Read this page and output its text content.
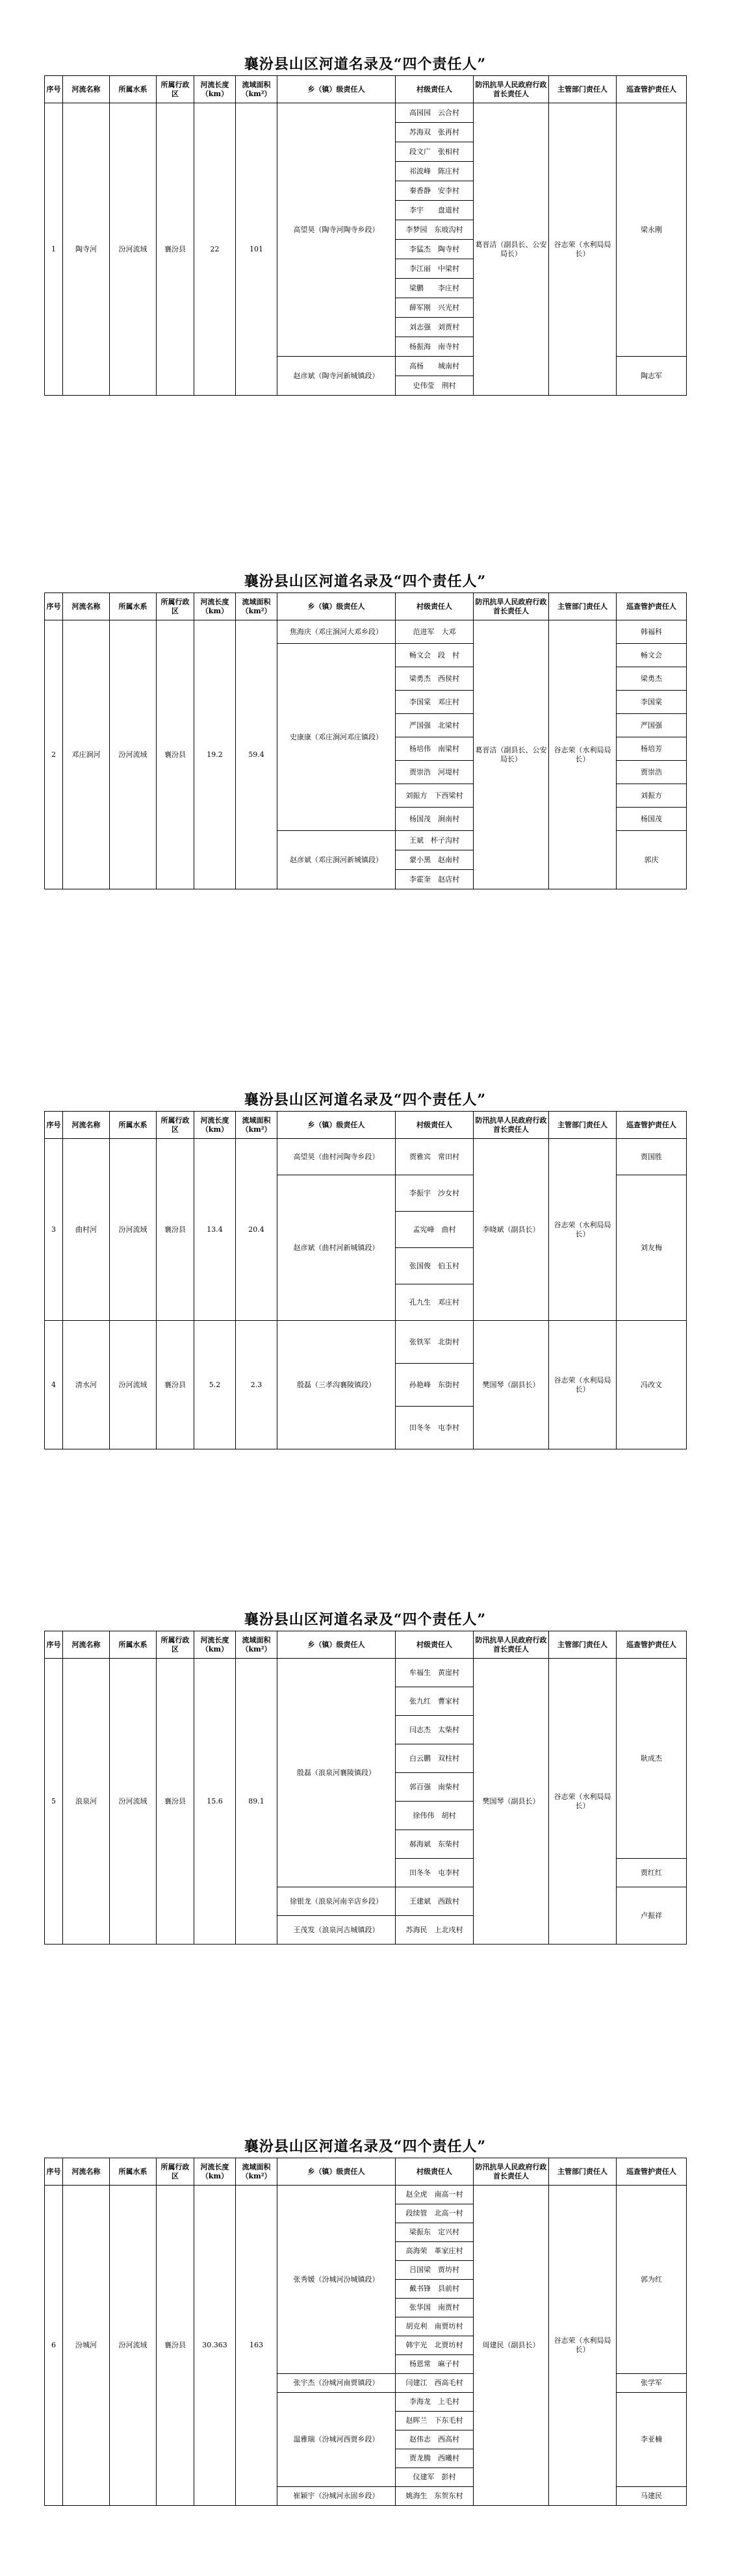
襄汾县山区河道名录及“四个责任人”
序号	河流名称	所属水系	所属行政区	河流长度（km）	流域面积（km²）	乡（镇）级责任人	村级责任人	防汛抗旱人民政府行政首长责任人	主管部门责任人	巡查管护责任人
1	陶寺河	汾河流域	襄汾县	22	101	高望昊（陶寺河陶寺乡段）	高园园　云合村	葛晋洁（副县长、公安局长）	谷志荣（水利局局长）	梁永刚
							苏海双　张再村			
							段文广　张相村			
							祁波峰　陈庄村			
							秦香静　安李村			
							李宇　　盘道村			
							李梦园　东坡沟村			
							李猛杰　陶寺村			
							李江丽　中梁村			
							梁鹏　　李庄村			
							薛军刚　兴光村			
							刘志强　刘贾村			
							杨振海　南寺村			
						赵彦斌（陶寺河新城镇段）	高杨　　城南村			陶志军
							史伟莹　荆村			
襄汾县山区河道名录及“四个责任人”
序号	河流名称	所属水系	所属行政区	河流长度（km）	流域面积（km²）	乡（镇）级责任人	村级责任人	防汛抗旱人民政府行政首长责任人	主管部门责任人	巡查管护责任人
2	邓庄涧河	汾河流域	襄汾县	19.2	59.4	焦海庆（邓庄涧河大邓乡段）	范进军　大邓	葛晋洁（副县长、公安局长）	谷志荣（水利局局长）	韩福科
						史康康（邓庄涧河邓庄镇段）	畅文会　段　村			畅文会
							梁勇杰　西侯村			梁勇杰
							李国棠　邓庄村			李国棠
							严国强　北梁村			严国强
							杨培伟　南梁村			杨培芳
							贾崇浩　河堤村			贾崇浩
							刘振方　下西梁村			刘振方
							杨国茂　涧南村			杨国茂
						赵彦斌（邓庄涧河新城镇段）	王斌　杯子沟村			郭庆
							蒙小黑　赵南村			
							李霍奎　赵店村			
襄汾县山区河道名录及“四个责任人”
序号	河流名称	所属水系	所属行政区	河流长度（km）	流域面积（km²）	乡（镇）级责任人	村级责任人	防汛抗旱人民政府行政首长责任人	主管部门责任人	巡查管护责任人
3	曲村河	汾河流域	襄汾县	13.4	20.4	高望昊（曲村河陶寺乡段）	贾雅宾　常田村	李晓斌（副县长）	谷志荣（水利局局长）	贾国胜
						赵彦斌（曲村河新城镇段）	李振宇　沙女村			刘友梅
							孟宪峰　曲村			
							张国俊　伯玉村			
							孔九生　邓庄村			
4	清水河	汾河流域	襄汾县	5.2	2.3	殷磊（三孝沟襄陵镇段）	张铁军　北街村	樊国琴（副县长）	谷志荣（水利局局长）	冯改文
							孙艳峰　东街村			
							田冬冬　屯李村			
襄汾县山区河道名录及“四个责任人”
序号	河流名称	所属水系	所属行政区	河流长度（km）	流域面积（km²）	乡（镇）级责任人	村级责任人	防汛抗旱人民政府行政首长责任人	主管部门责任人	巡查管护责任人
5	浪泉河	汾河流域	襄汾县	15.6	89.1	殷磊（浪泉河襄陵镇段）	牟福生　黄崖村	樊国琴（副县长）	谷志荣（水利局局长）	耿成杰
							张九红　曹家村			
							闫志杰　太柴村			
							白云鹏　双柱村			
							郭百强　南柴村			
							徐伟伟　胡村			
							郝海斌　东柴村			
							田冬冬　屯李村			贾红红
						徐银龙（浪泉河南辛店乡段）	王建斌　西跋村			卢振祥
						王茂发（浪泉河古城镇段）	苏海民　上北戌村			
襄汾县山区河道名录及“四个责任人”
序号	河流名称	所属水系	所属行政区	河流长度（km）	流域面积（km²）	乡（镇）级责任人	村级责任人	防汛抗旱人民政府行政首长责任人	主管部门责任人	巡查管护责任人
6	汾城河	汾河流域	襄汾县	30.363	163	张秀媛（汾城河汾城镇段）	赵全虎　南高一村	周建民（副县长）	谷志荣（水利局局长）	郭为红
							段续管　北高一村			
							梁振东　定兴村			
							高海荣　革家庄村			
							吕国梁　贾坊村			
							戴书锋　县前村			
							张华国　南贾村			
							胡克利　南贾坊村			
							韩宇光　北贾坊村			
							杨恩常　麻子村			
						张宇杰（汾城河南贾镇段）	闫建江　西高毛村			张学军
						温雅瑞（汾城河西贾乡段）	李海龙　上毛村			李亚楠
							赵晖兰　下东毛村			
							赵伟志　西高村			
							贾龙腾　西曦村			
							仪建军　彭村			
						崔颖宇（汾城河永固乡段）	姚海生　东贺东村			马建民
